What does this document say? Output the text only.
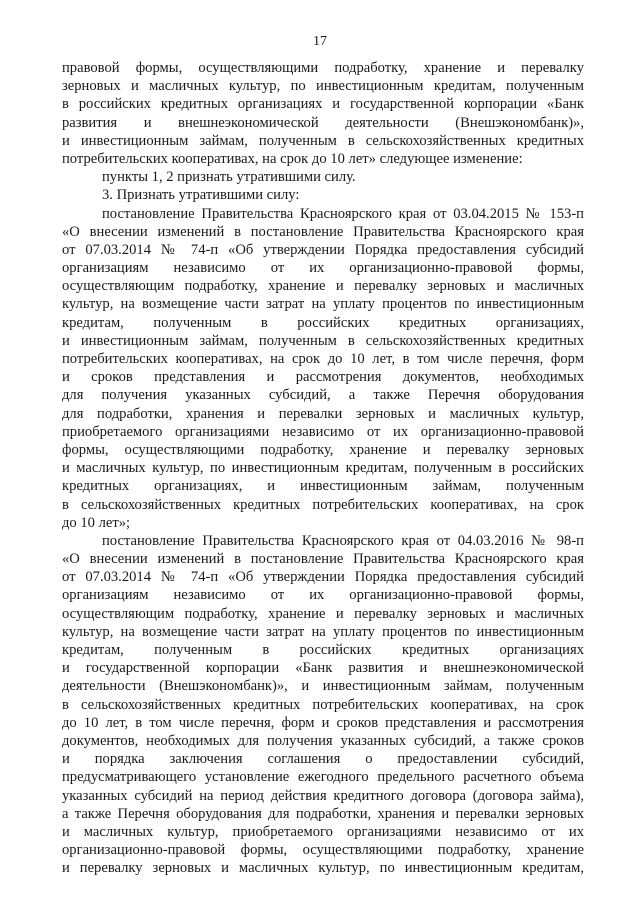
17
правовой формы, осуществляющими подработку, хранение и перевалку
зерновых и масличных культур, по инвестиционным кредитам, полученным
в российских кредитных организациях и государственной корпорации «Банк
развития и внешнеэкономической деятельности (Внешэкономбанк)»,
и инвестиционным займам, полученным в сельскохозяйственных кредитных
потребительских кооперативах, на срок до 10 лет» следующее изменение:
пункты 1, 2 признать утратившими силу.
3. Признать утратившими силу:
постановление Правительства Красноярского края от 03.04.2015 № 153-п
«О внесении изменений в постановление Правительства Красноярского края
от 07.03.2014 № 74-п «Об утверждении Порядка предоставления субсидий
организациям независимо от их организационно-правовой формы,
осуществляющим подработку, хранение и перевалку зерновых и масличных
культур, на возмещение части затрат на уплату процентов по инвестиционным
кредитам, полученным в российских кредитных организациях,
и инвестиционным займам, полученным в сельскохозяйственных кредитных
потребительских кооперативах, на срок до 10 лет, в том числе перечня, форм
и сроков представления и рассмотрения документов, необходимых
для получения указанных субсидий, а также Перечня оборудования
для подработки, хранения и перевалки зерновых и масличных культур,
приобретаемого организациями независимо от их организационно-правовой
формы, осуществляющими подработку, хранение и перевалку зерновых
и масличных культур, по инвестиционным кредитам, полученным в российских
кредитных организациях, и инвестиционным займам, полученным
в сельскохозяйственных кредитных потребительских кооперативах, на срок
до 10 лет»;
постановление Правительства Красноярского края от 04.03.2016 № 98-п
«О внесении изменений в постановление Правительства Красноярского края
от 07.03.2014 № 74-п «Об утверждении Порядка предоставления субсидий
организациям независимо от их организационно-правовой формы,
осуществляющим подработку, хранение и перевалку зерновых и масличных
культур, на возмещение части затрат на уплату процентов по инвестиционным
кредитам, полученным в российских кредитных организациях
и государственной корпорации «Банк развития и внешнеэкономической
деятельности (Внешэкономбанк)», и инвестиционным займам, полученным
в сельскохозяйственных кредитных потребительских кооперативах, на срок
до 10 лет, в том числе перечня, форм и сроков представления и рассмотрения
документов, необходимых для получения указанных субсидий, а также сроков
и порядка заключения соглашения о предоставлении субсидий,
предусматривающего установление ежегодного предельного расчетного объема
указанных субсидий на период действия кредитного договора (договора займа),
а также Перечня оборудования для подработки, хранения и перевалки зерновых
и масличных культур, приобретаемого организациями независимо от их
организационно-правовой формы, осуществляющими подработку, хранение
и перевалку зерновых и масличных культур, по инвестиционным кредитам,
